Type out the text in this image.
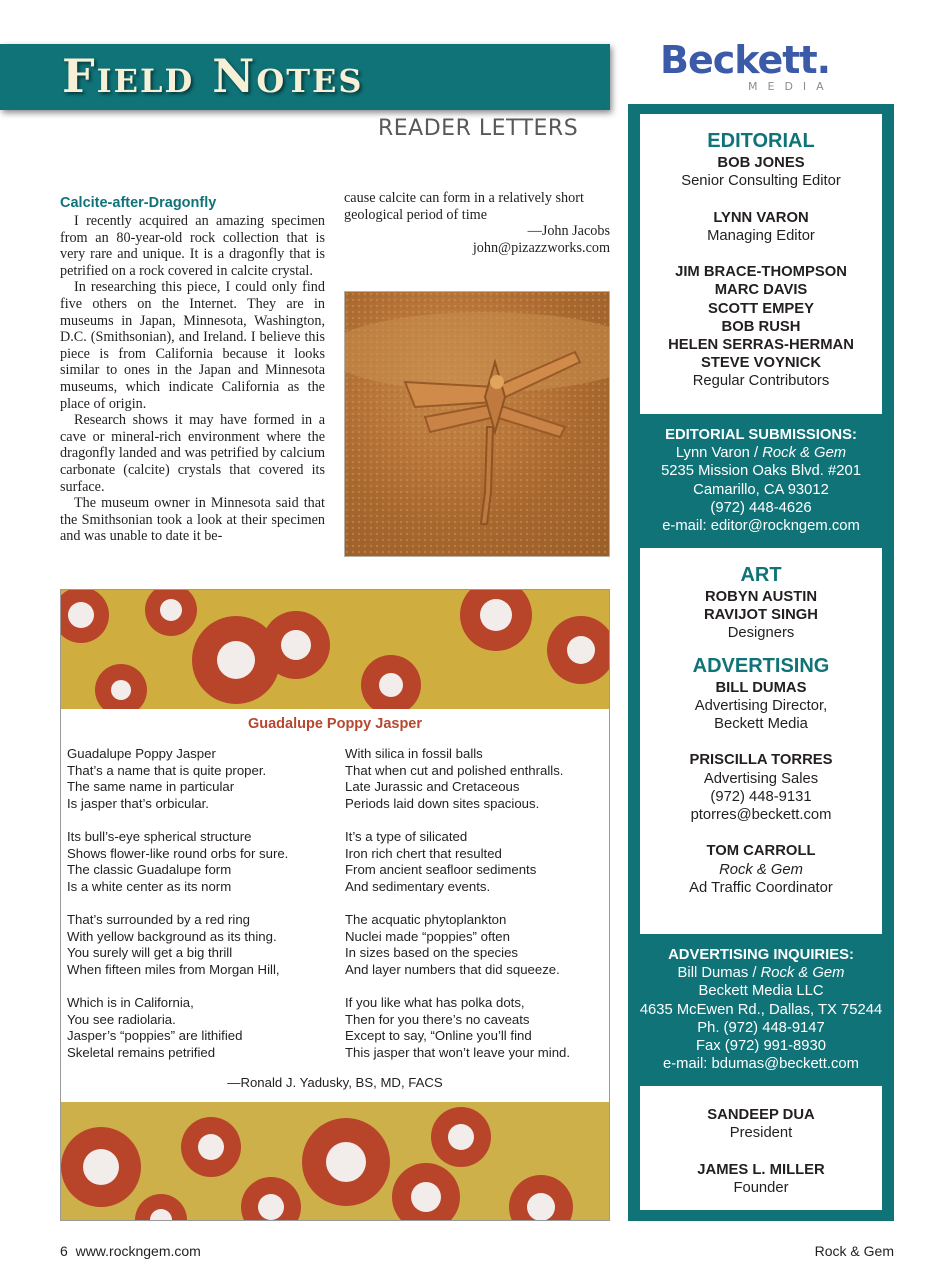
Field Notes
READER LETTERS
Beckett.
MEDIA
Calcite-after-Dragonfly

I recently acquired an amazing specimen from an 80-year-old rock collection that is very rare and unique. It is a dragonfly that is petrified on a rock covered in calcite crystal.

In researching this piece, I could only find five others on the Internet. They are in museums in Japan, Minnesota, Washington, D.C. (Smithsonian), and Ireland. I believe this piece is from California because it looks similar to ones in the Japan and Minnesota museums, which indicate California as the place of origin.

Research shows it may have formed in a cave or mineral-rich environment where the dragonfly landed and was petrified by calcium carbonate (calcite) crystals that covered its surface.

The museum owner in Minnesota said that the Smithsonian took a look at their specimen and was unable to date it be-

cause calcite can form in a relatively short geological period of time

—John Jacobs
john@pizazzworks.com
Guadalupe Poppy Jasper
Guadalupe Poppy Jasper
That’s a name that is quite proper.
The same name in particular
Is jasper that’s orbicular.
Its bull’s-eye spherical structure
Shows flower-like round orbs for sure.
The classic Guadalupe form
Is a white center as its norm
That’s surrounded by a red ring
With yellow background as its thing.
You surely will get a big thrill
When fifteen miles from Morgan Hill,
Which is in California,
You see radiolaria.
Jasper’s “poppies” are lithified
Skeletal remains petrified
With silica in fossil balls
That when cut and polished enthralls.
Late Jurassic and Cretaceous
Periods laid down sites spacious.
It’s a type of silicated
Iron rich chert that resulted
From ancient seafloor sediments
And sedimentary events.
The acquatic phytoplankton
Nuclei made “poppies” often
In sizes based on the species
And layer numbers that did squeeze.
If you like what has polka dots,
Then for you there’s no caveats
Except to say, “Online you’ll find
This jasper that won’t leave your mind.
—Ronald J. Yadusky, BS, MD, FACS
EDITORIAL
BOB JONES
Senior Consulting Editor
LYNN VARON
Managing Editor
JIM BRACE-THOMPSON
MARC DAVIS
SCOTT EMPEY
BOB RUSH
HELEN SERRAS-HERMAN
STEVE VOYNICK
Regular Contributors
EDITORIAL SUBMISSIONS:
Lynn Varon / Rock & Gem
5235 Mission Oaks Blvd. #201
Camarillo, CA 93012
(972) 448-4626
e-mail: editor@rockngem.com
ART
ROBYN AUSTIN
RAVIJOT SINGH
Designers
ADVERTISING
BILL DUMAS
Advertising Director,
Beckett Media
PRISCILLA TORRES
Advertising Sales
(972) 448-9131
ptorres@beckett.com
TOM CARROLL
Rock & Gem
Ad Traffic Coordinator
ADVERTISING INQUIRIES:
Bill Dumas / Rock & Gem
Beckett Media LLC
4635 McEwen Rd., Dallas, TX 75244
Ph. (972) 448-9147
Fax (972) 991-8930
e-mail: bdumas@beckett.com
SANDEEP DUA
President
JAMES L. MILLER
Founder
6 www.rockngem.com	Rock & Gem
